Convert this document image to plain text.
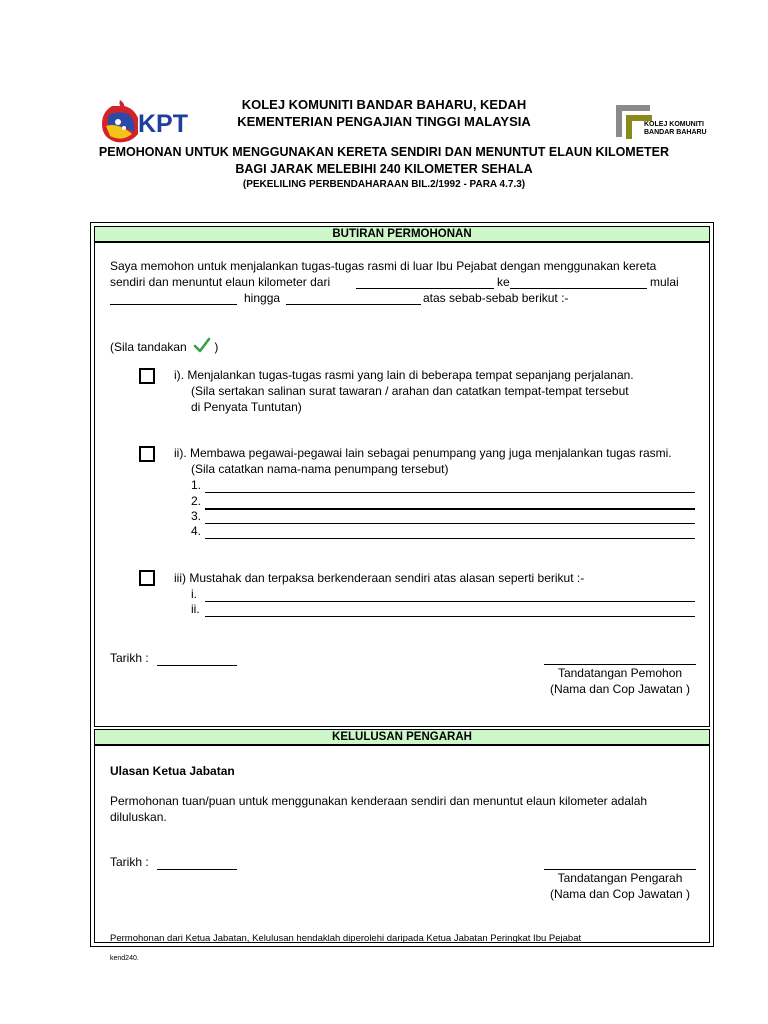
KPT	KOLEJ KOMUNITI
BANDAR BAHARU
KOLEJ KOMUNITI BANDAR BAHARU, KEDAH
KEMENTERIAN PENGAJIAN TINGGI MALAYSIA
PEMOHONAN UNTUK MENGGUNAKAN KERETA SENDIRI DAN MENUNTUT ELAUN KILOMETER
BAGI JARAK MELEBIHI 240 KILOMETER SEHALA
(PEKELILING PERBENDAHARAAN BIL.2/1992 - PARA 4.7.3)
BUTIRAN PERMOHONAN
Saya memohon untuk menjalankan tugas-tugas rasmi di luar Ibu Pejabat dengan menggunakan kereta
sendiri dan menuntut elaun kilometer dari	ke	mulai
hingga	atas sebab-sebab berikut :-
(Sila tandakan )
i). Menjalankan tugas-tugas rasmi yang lain di beberapa tempat sepanjang perjalanan.
(Sila sertakan salinan surat tawaran / arahan dan catatkan tempat-tempat tersebut
di Penyata Tuntutan)
ii). Membawa pegawai-pegawai lain sebagai penumpang yang juga menjalankan tugas rasmi.
(Sila catatkan nama-nama penumpang tersebut)
1.
2.
3.
4.
iii) Mustahak dan terpaksa berkenderaan sendiri atas alasan seperti berikut :-
i.
ii.
Tarikh :
Tandatangan Pemohon
(Nama dan Cop Jawatan )
KELULUSAN PENGARAH
Ulasan Ketua Jabatan
Permohonan tuan/puan untuk menggunakan kenderaan sendiri dan menuntut elaun kilometer adalah
diluluskan.
Tarikh :
Tandatangan Pengarah
(Nama dan Cop Jawatan )
Permohonan dari Ketua Jabatan, Kelulusan hendaklah diperolehi daripada Ketua Jabatan Peringkat Ibu Pejabat
kend240.
